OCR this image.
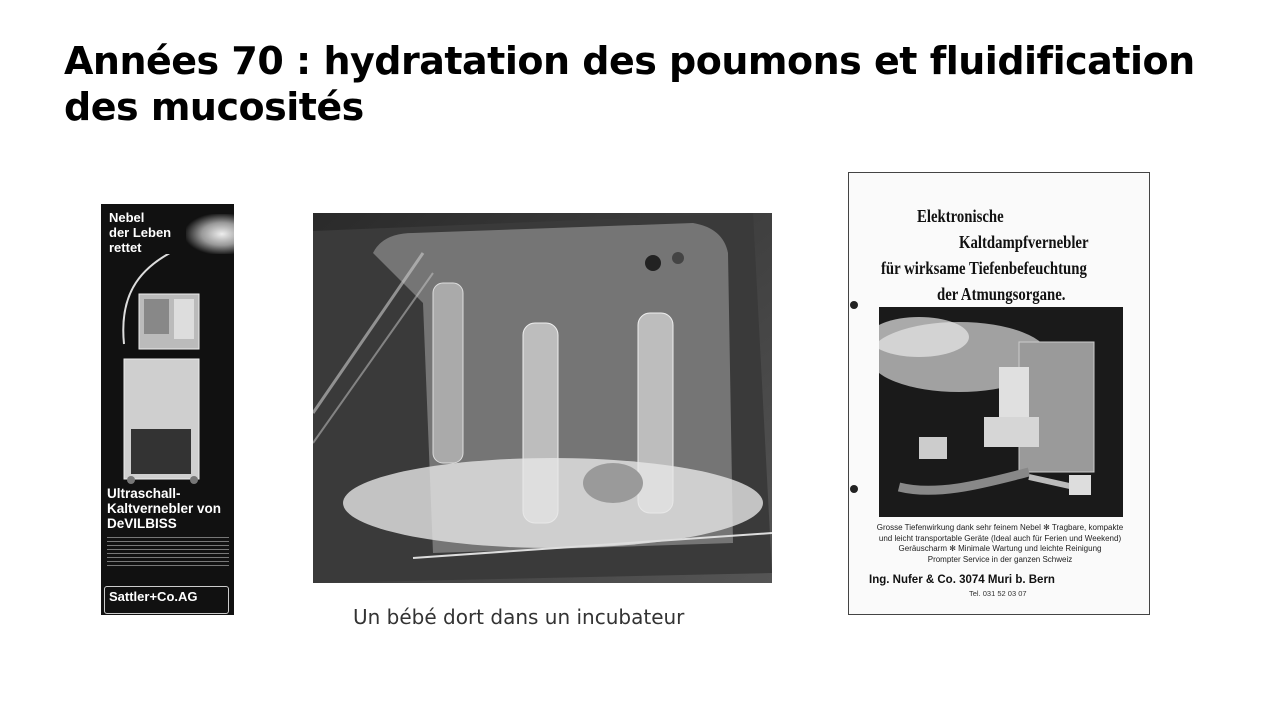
Années 70 : hydratation des poumons et fluidification
des mucosités
Nebel
der Leben
rettet
Ultraschall-
Kaltvernebler von
DeVILBISS
Sattler+Co.AG
Un bébé dort dans un incubateur
Elektronische
Kaltdampfvernebler
für wirksame Tiefenbefeuchtung
der Atmungsorgane.
Grosse Tiefenwirkung dank sehr feinem Nebel ✻ Tragbare, kompakte
und leicht transportable Geräte (Ideal auch für Ferien und Weekend)
Geräuscharm ✻ Minimale Wartung und leichte Reinigung
Prompter Service in der ganzen Schweiz
Ing. Nufer & Co. 3074 Muri b. Bern
Tel. 031 52 03 07
